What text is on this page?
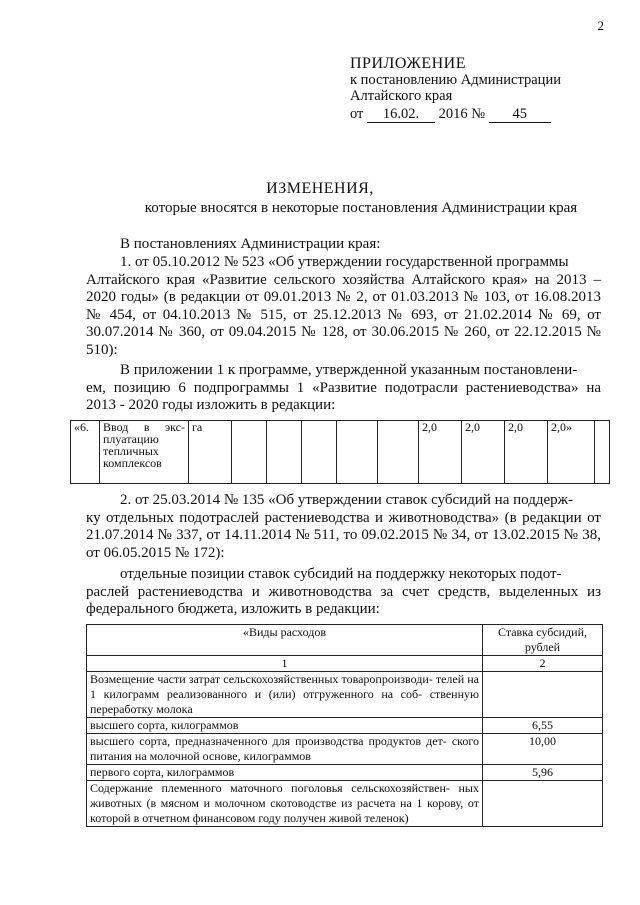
2
ПРИЛОЖЕНИЕ
к постановлению Администрации
Алтайского края
от 16.02. 2016 № 45
ИЗМЕНЕНИЯ,
которые вносятся в некоторые постановления Администрации края
В постановлениях Администрации края:
1. от 05.10.2012 № 523 «Об утверждении государственной программы
Алтайского края «Развитие сельского хозяйства Алтайского края» на 2013 – 2020 годы» (в редакции от 09.01.2013 № 2, от 01.03.2013 № 103, от 16.08.2013 № 454, от 04.10.2013 № 515, от 25.12.2013 № 693, от 21.02.2014 № 69, от 30.07.2014 № 360, от 09.04.2015 № 128, от 30.06.2015 № 260, от 22.12.2015 № 510):
В приложении 1 к программе, утвержденной указанным постановлени-
ем, позицию 6 подпрограммы 1 «Развитие подотрасли растениеводства» на 2013 - 2020 годы изложить в редакции:
«6.	Ввод в экс- плуатацию тепличных комплексов	га						2,0	2,0	2,0	2,0»	
2. от 25.03.2014 № 135 «Об утверждении ставок субсидий на поддерж-
ку отдельных подотраслей растениеводства и животноводства» (в редакции от 21.07.2014 № 337, от 14.11.2014 № 511, то 09.02.2015 № 34, от 13.02.2015 № 38, от 06.05.2015 № 172):
отдельные позиции ставок субсидий на поддержку некоторых подот-
раслей растениеводства и животноводства за счет средств, выделенных из федерального бюджета, изложить в редакции:
«Виды расходов	Ставка субсидий, рублей
1	2
Возмещение части затрат сельскохозяйственных товаропроизводи- телей на 1 килограмм реализованного и (или) отгруженного на соб- ственную переработку молока	
высшего сорта, килограммов	6,55
высшего сорта, предназначенного для производства продуктов дет- ского питания на молочной основе, килограммов	10,00
первого сорта, килограммов	5,96
Содержание племенного маточного поголовья сельскохозяйствен- ных животных (в мясном и молочном скотоводстве из расчета на 1 корову, от которой в отчетном финансовом году получен живой теленок)	
